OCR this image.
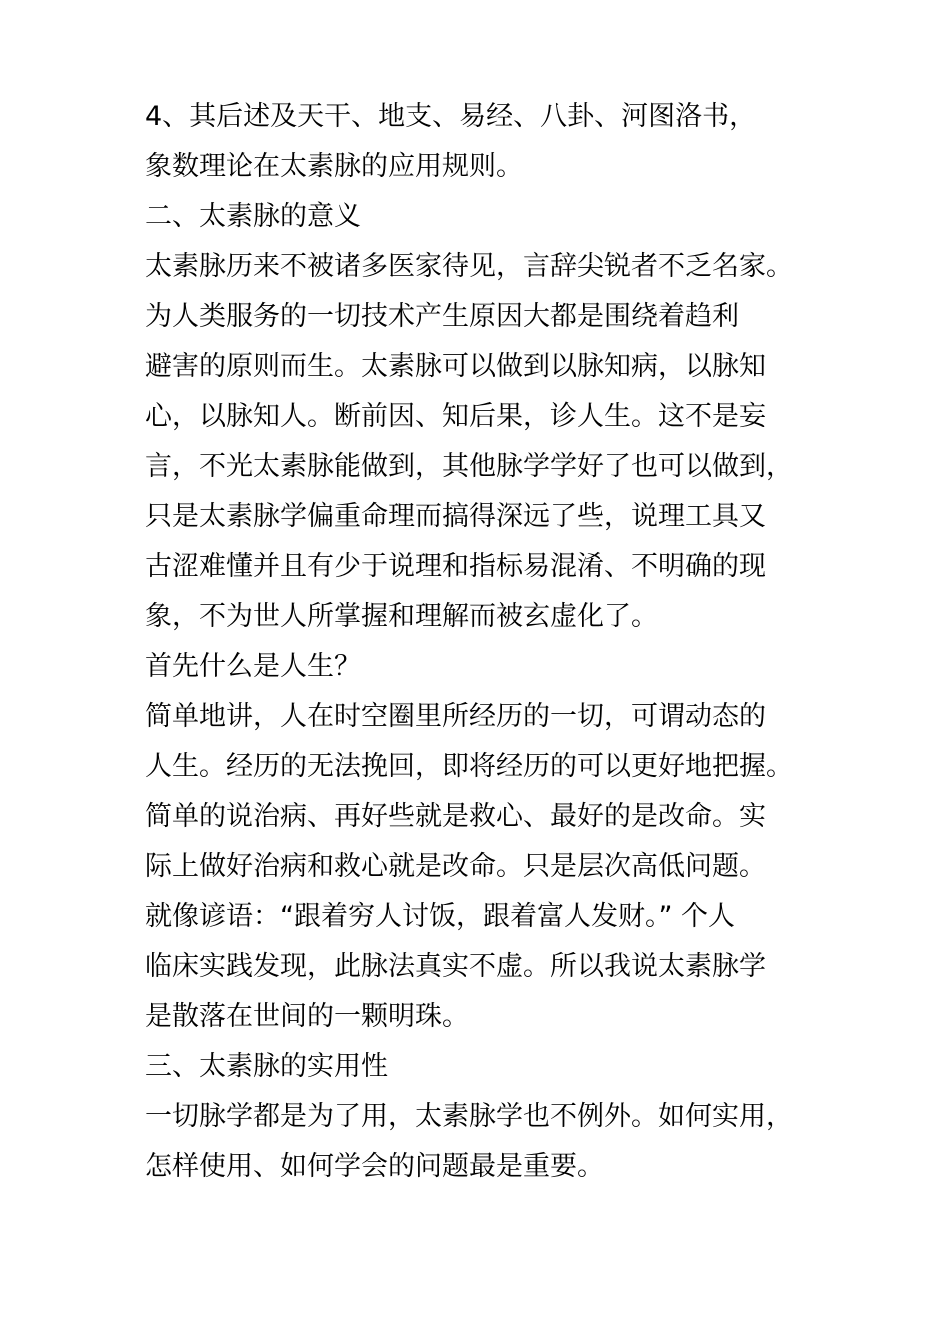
4、其后述及天干、地支、易经、八卦、河图洛书，
象数理论在太素脉的应用规则。
二、太素脉的意义
太素脉历来不被诸多医家待见，言辞尖锐者不乏名家。
为人类服务的一切技术产生原因大都是围绕着趋利
避害的原则而生。太素脉可以做到以脉知病，以脉知
心，以脉知人。断前因、知后果，诊人生。这不是妄
言，不光太素脉能做到，其他脉学学好了也可以做到，
只是太素脉学偏重命理而搞得深远了些，说理工具又
古涩难懂并且有少于说理和指标易混淆、不明确的现
象，不为世人所掌握和理解而被玄虚化了。
首先什么是人生？
简单地讲，人在时空圈里所经历的一切，可谓动态的
人生。经历的无法挽回，即将经历的可以更好地把握。
简单的说治病、再好些就是救心、最好的是改命。实
际上做好治病和救心就是改命。只是层次高低问题。
就像谚语：“跟着穷人讨饭，跟着富人发财。” 个人
临床实践发现，此脉法真实不虚。所以我说太素脉学
是散落在世间的一颗明珠。
三、太素脉的实用性
一切脉学都是为了用，太素脉学也不例外。如何实用，
怎样使用、如何学会的问题最是重要。
